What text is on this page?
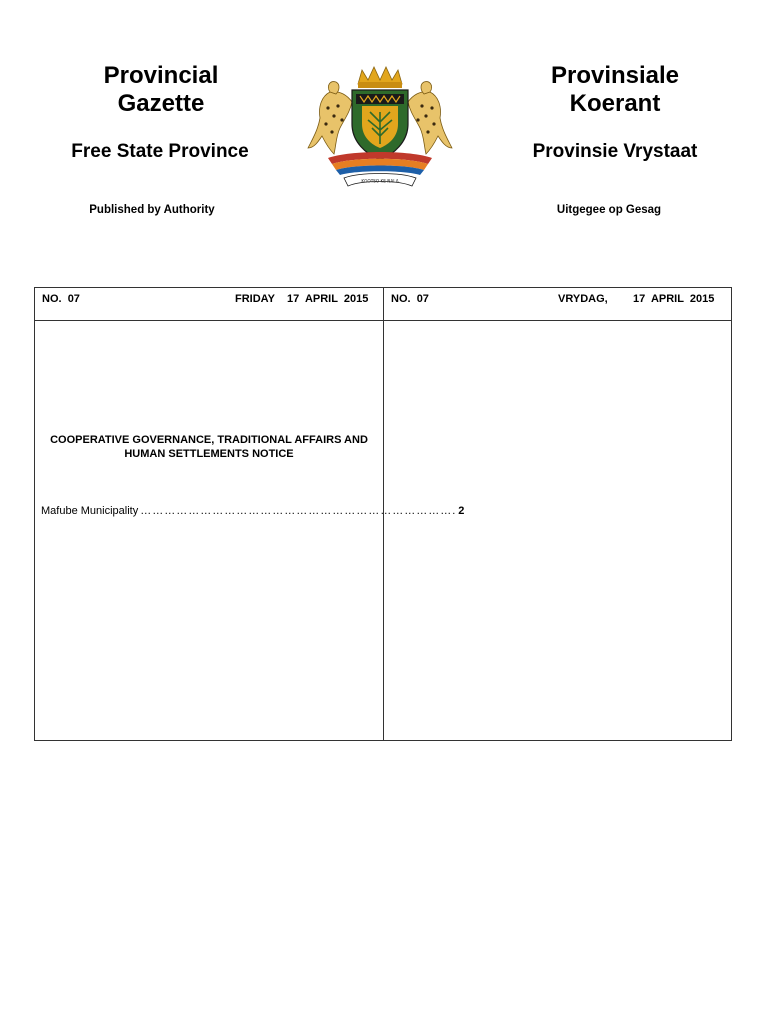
Provincial
Gazette
Free State Province
Published by Authority
Provinsiale
Koerant
Provinsie Vrystaat
Uitgegee op Gesag
KGOTSO KE NALA
NO. 07	FRIDAY 17  APRIL  2015 NO. 07	VRYDAG, 17  APRIL  2015
COOPERATIVE GOVERNANCE, TRADITIONAL AFFAIRS AND
HUMAN SETTLEMENTS NOTICE
Mafube Municipality ……………………………………………………………………. 2
